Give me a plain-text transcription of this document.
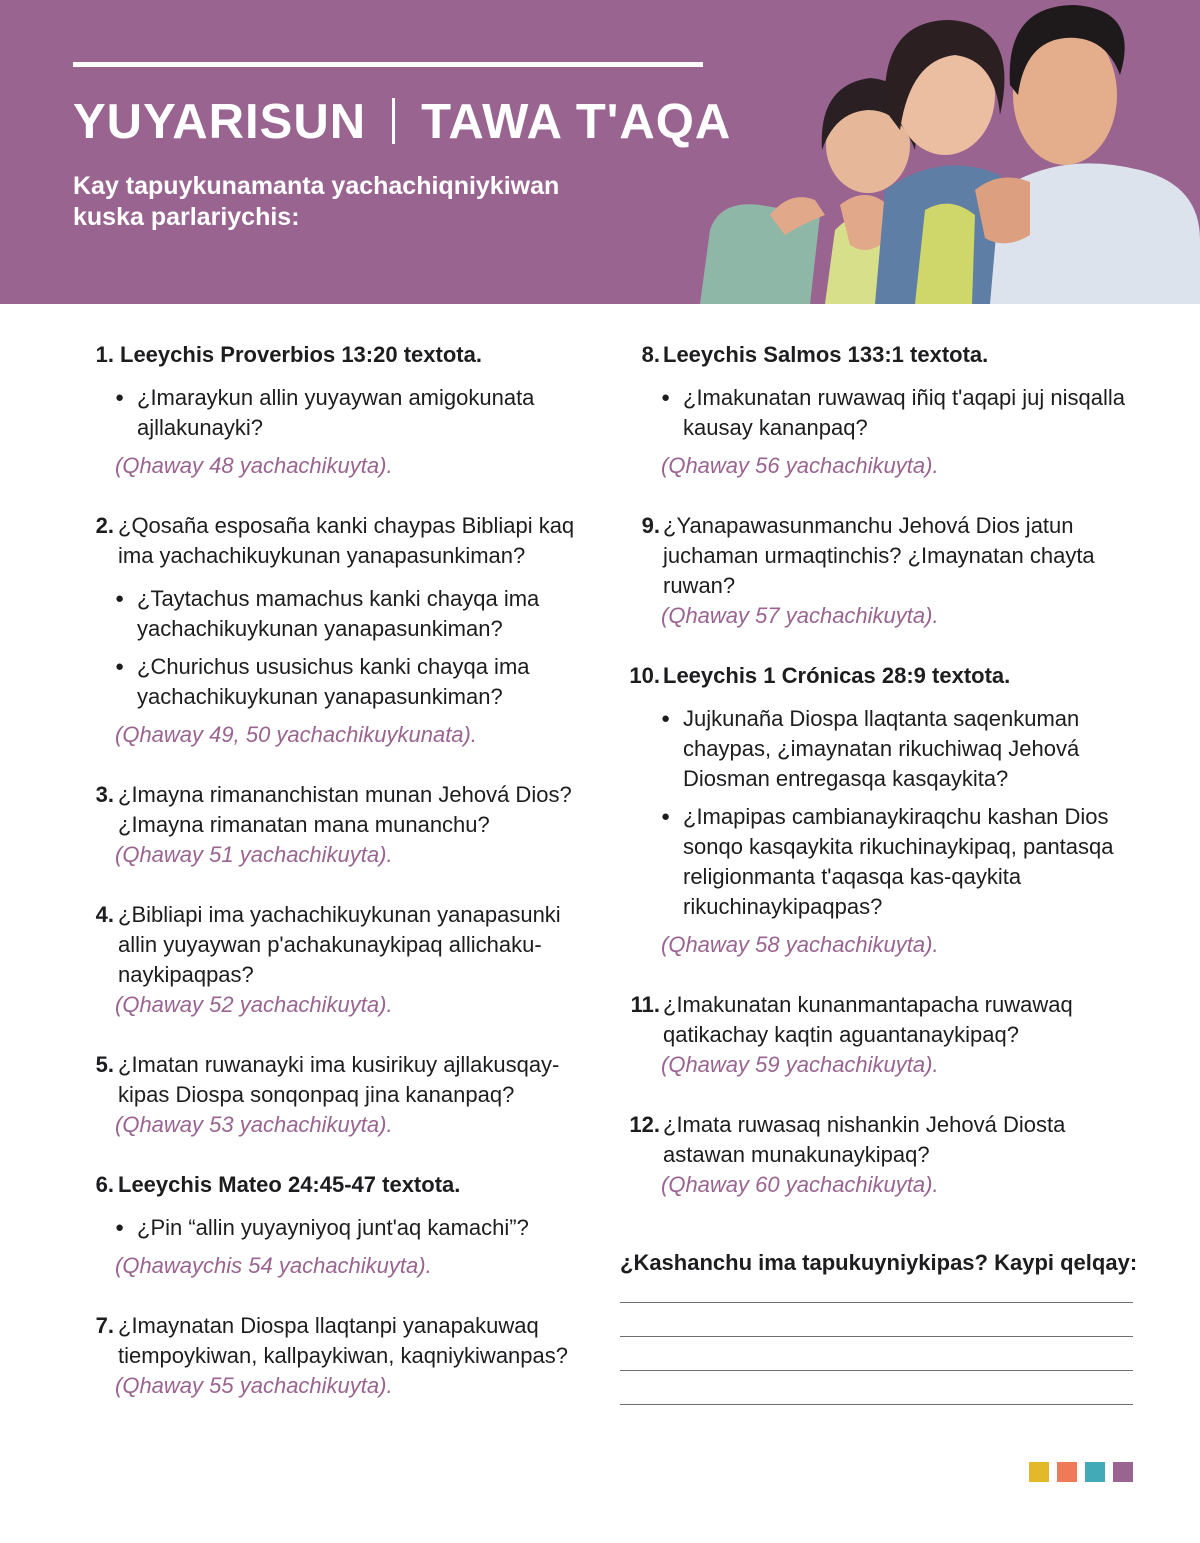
YUYARISUN TAWA T'AQA
Kay tapuykunamanta yachachiqniykiwan kuska parlariychis:
1. Leeychis Proverbios 13:20 textota.
● ¿Imaraykun allin yuyaywan amigokunata ajllakunayki?
(Qhaway 48 yachachikuyta).
2. ¿Qosaña esposaña kanki chaypas Bibliapi kaq ima yachachikuykunan yanapasunkiman?
● ¿Taytachus mamachus kanki chayqa ima yachachikuykunan yanapasunkiman?
● ¿Churichus ususichus kanki chayqa ima yachachikuykunan yanapasunkiman?
(Qhaway 49, 50 yachachikuykunata).
3. ¿Imayna rimananchistan munan Jehová Dios? ¿Imayna rimanatan mana munanchu?
(Qhaway 51 yachachikuyta).
4. ¿Bibliapi ima yachachikuykunan yanapasunki allin yuyaywan p'achakunaykipaq allichaku-naykipaqpas?
(Qhaway 52 yachachikuyta).
5. ¿Imatan ruwanayki ima kusirikuy ajllakusqay-kipas Diospa sonqonpaq jina kananpaq?
(Qhaway 53 yachachikuyta).
6. Leeychis Mateo 24:45-47 textota.
● ¿Pin “allin yuyayniyoq junt'aq kamachi”?
(Qhawaychis 54 yachachikuyta).
7. ¿Imaynatan Diospa llaqtanpi yanapakuwaq tiempoykiwan, kallpaykiwan, kaqniykiwanpas?
(Qhaway 55 yachachikuyta).
8. Leeychis Salmos 133:1 textota.
● ¿Imakunatan ruwawaq iñiq t'aqapi juj nisqalla kausay kananpaq?
(Qhaway 56 yachachikuyta).
9. ¿Yanapawasunmanchu Jehová Dios jatun juchaman urmaqtinchis? ¿Imaynatan chayta ruwan?
(Qhaway 57 yachachikuyta).
10. Leeychis 1 Crónicas 28:9 textota.
● Jujkunaña Diospa llaqtanta saqenkuman chaypas, ¿imaynatan rikuchiwaq Jehová Diosman entregasqa kasqaykita?
● ¿Imapipas cambianaykiraqchu kashan Dios sonqo kasqaykita rikuchinaykipaq, pantasqa religionmanta t'aqasqa kas-qaykita rikuchinaykipaqpas?
(Qhaway 58 yachachikuyta).
11. ¿Imakunatan kunanmantapacha ruwawaq qatikachay kaqtin aguantanaykipaq?
(Qhaway 59 yachachikuyta).
12. ¿Imata ruwasaq nishankin Jehová Diosta astawan munakunaykipaq?
(Qhaway 60 yachachikuyta).
¿Kashanchu ima tapukuyniykipas? Kaypi qelqay:
